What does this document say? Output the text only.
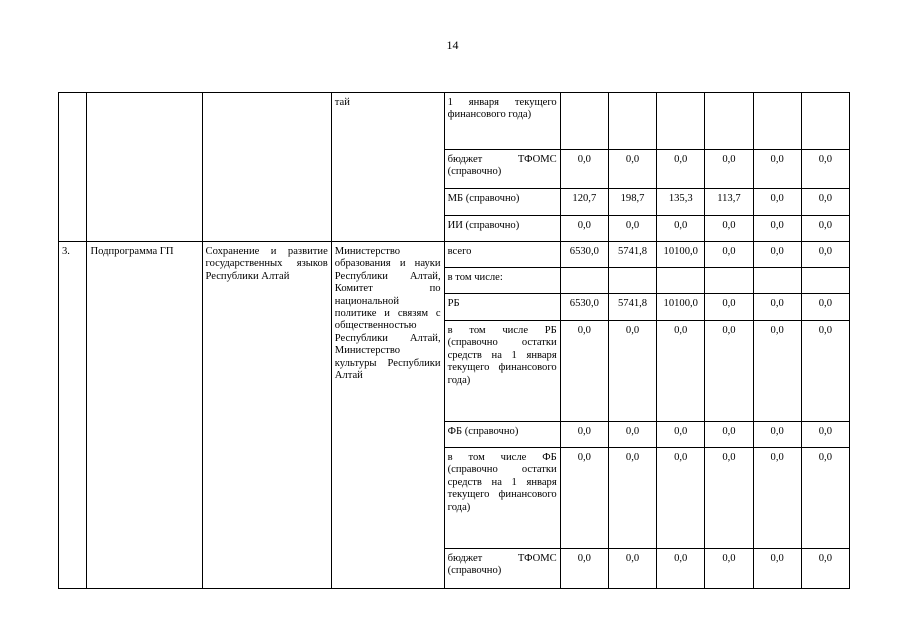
14

			тай	1 января текущего финансового года)						
				бюджет ТФОМС (справочно)	0,0	0,0	0,0	0,0	0,0	0,0
				МБ (справочно)	120,7	198,7	135,3	113,7	0,0	0,0
				ИИ (справочно)	0,0	0,0	0,0	0,0	0,0	0,0
3.	Подпрограмма ГП	Сохранение и развитие государственных языков Республики Алтай	Министерство образования и науки Республики Алтай, Комитет по национальной политике и связям с общественностью Республики Алтай, Министерство культуры Республики Алтай	всего	6530,0	5741,8	10100,0	0,0	0,0	0,0
				в том числе:						
				РБ	6530,0	5741,8	10100,0	0,0	0,0	0,0
				в том числе РБ (справочно остатки средств на 1 января текущего финансового года)	0,0	0,0	0,0	0,0	0,0	0,0
				ФБ (справочно)	0,0	0,0	0,0	0,0	0,0	0,0
				в том числе ФБ (справочно остатки средств на 1 января текущего финансового года)	0,0	0,0	0,0	0,0	0,0	0,0
				бюджет ТФОМС (справочно)	0,0	0,0	0,0	0,0	0,0	0,0
